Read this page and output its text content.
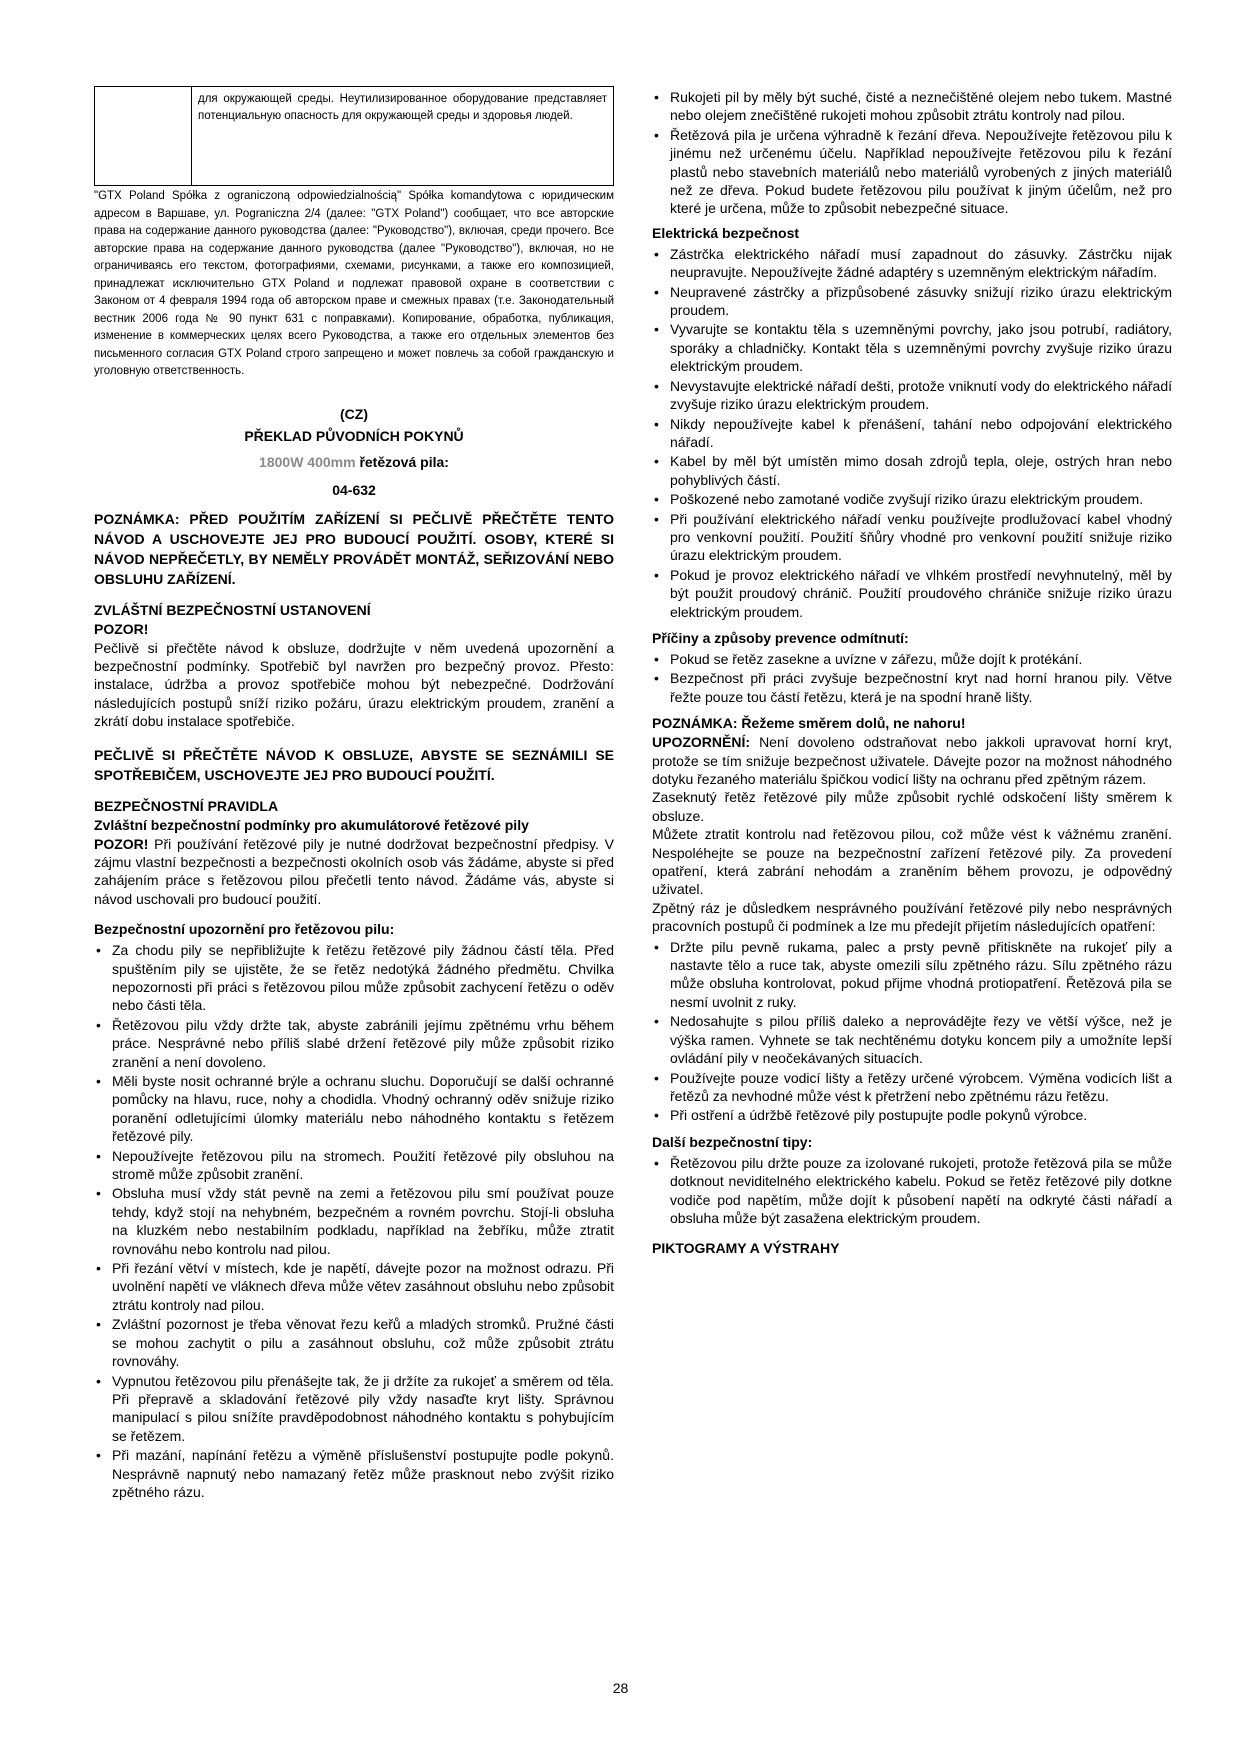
для окружающей среды. Неутилизированное оборудование представляет потенциальную опасность для окружающей среды и здоровья людей.

"GTX Poland Spółka z ograniczoną odpowiedzialnością" Spółka komandytowa с юридическим адресом в Варшаве, ул. Pograniczna 2/4 (далее: "GTX Poland") сообщает, что все авторские права на содержание данного руководства (далее: "Руководство"), включая, среди прочего. Все авторские права на содержание данного руководства (далее "Руководство"), включая, но не ограничиваясь его текстом, фотографиями, схемами, рисунками, а также его композицией, принадлежат исключительно GTX Poland и подлежат правовой охране в соответствии с Законом от 4 февраля 1994 года об авторском праве и смежных правах (т.е. Законодательный вестник 2006 года № 90 пункт 631 с поправками). Копирование, обработка, публикация, изменение в коммерческих целях всего Руководства, а также его отдельных элементов без письменного согласия GTX Poland строго запрещено и может повлечь за собой гражданскую и уголовную ответственность.

(CZ)

PŘEKLAD PŮVODNÍCH POKYNŮ

1800W 400mm řetězová pila:

04-632

POZNÁMKA: PŘED POUŽITÍM ZAŘÍZENÍ SI PEČLIVĚ PŘEČTĚTE TENTO NÁVOD A USCHOVEJTE JEJ PRO BUDOUCÍ POUŽITÍ. OSOBY, KTERÉ SI NÁVOD NEPŘEČETLY, BY NEMĚLY PROVÁDĚT MONTÁŽ, SEŘIZOVÁNÍ NEBO OBSLUHU ZAŘÍZENÍ.

ZVLÁŠTNÍ BEZPEČNOSTNÍ USTANOVENÍ
POZOR!

Pečlivě si přečtěte návod k obsluze, dodržujte v něm uvedená upozornění a bezpečnostní podmínky. Spotřebič byl navržen pro bezpečný provoz. Přesto: instalace, údržba a provoz spotřebiče mohou být nebezpečné. Dodržování následujících postupů sníží riziko požáru, úrazu elektrickým proudem, zranění a zkrátí dobu instalace spotřebiče.

PEČLIVĚ SI PŘEČTĚTE NÁVOD K OBSLUZE, ABYSTE SE SEZNÁMILI SE SPOTŘEBIČEM, USCHOVEJTE JEJ PRO BUDOUCÍ POUŽITÍ.

BEZPEČNOSTNÍ PRAVIDLA
Zvláštní bezpečnostní podmínky pro akumulátorové řetězové pily

POZOR! Při používání řetězové pily je nutné dodržovat bezpečnostní předpisy. V zájmu vlastní bezpečnosti a bezpečnosti okolních osob vás žádáme, abyste si před zahájením práce s řetězovou pilou přečetli tento návod. Žádáme vás, abyste si návod uschovali pro budoucí použití.

Bezpečnostní upozornění pro řetězovou pilu:
• Za chodu pily se nepřibližujte k řetězu řetězové pily žádnou částí těla. Před spuštěním pily se ujistěte, že se řetěz nedotýká žádného předmětu. Chvilka nepozornosti při práci s řetězovou pilou může způsobit zachycení řetězu o oděv nebo části těla.
• Řetězovou pilu vždy držte tak, abyste zabránili jejímu zpětnému vrhu během práce. Nesprávné nebo příliš slabé držení řetězové pily může způsobit riziko zranění a není dovoleno.
• Měli byste nosit ochranné brýle a ochranu sluchu. Doporučují se další ochranné pomůcky na hlavu, ruce, nohy a chodidla. Vhodný ochranný oděv snižuje riziko poranění odletujícími úlomky materiálu nebo náhodného kontaktu s řetězem řetězové pily.
• Nepoužívejte řetězovou pilu na stromech. Použití řetězové pily obsluhou na stromě může způsobit zranění.
• Obsluha musí vždy stát pevně na zemi a řetězovou pilu smí používat pouze tehdy, když stojí na nehybném, bezpečném a rovném povrchu. Stojí-li obsluha na kluzkém nebo nestabilním podkladu, například na žebříku, může ztratit rovnováhu nebo kontrolu nad pilou.
• Při řezání větví v místech, kde je napětí, dávejte pozor na možnost odrazu. Při uvolnění napětí ve vláknech dřeva může větev zasáhnout obsluhu nebo způsobit ztrátu kontroly nad pilou.
• Zvláštní pozornost je třeba věnovat řezu keřů a mladých stromků. Pružné části se mohou zachytit o pilu a zasáhnout obsluhu, což může způsobit ztrátu rovnováhy.
• Vypnutou řetězovou pilu přenášejte tak, že ji držíte za rukojeť a směrem od těla. Při přepravě a skladování řetězové pily vždy nasaďte kryt lišty. Správnou manipulací s pilou snížíte pravděpodobnost náhodného kontaktu s pohybujícím se řetězem.
• Při mazání, napínání řetězu a výměně příslušenství postupujte podle pokynů. Nesprávně napnutý nebo namazaný řetěz může prasknout nebo zvýšit riziko zpětného rázu.
• Rukojeti pil by měly být suché, čisté a neznečištěné olejem nebo tukem. Mastné nebo olejem znečištěné rukojeti mohou způsobit ztrátu kontroly nad pilou.
• Řetězová pila je určena výhradně k řezání dřeva. Nepoužívejte řetězovou pilu k jinému než určenému účelu. Například nepoužívejte řetězovou pilu k řezání plastů nebo stavebních materiálů nebo materiálů vyrobených z jiných materiálů než ze dřeva. Pokud budete řetězovou pilu používat k jiným účelům, než pro které je určena, může to způsobit nebezpečné situace.
Elektrická bezpečnost
• Zástrčka elektrického nářadí musí zapadnout do zásuvky. Zástrčku nijak neupravujte. Nepoužívejte žádné adaptéry s uzemněným elektrickým nářadím.
• Neupravené zástrčky a přizpůsobené zásuvky snižují riziko úrazu elektrickým proudem.
• Vyvarujte se kontaktu těla s uzemněnými povrchy, jako jsou potrubí, radiátory, sporáky a chladničky. Kontakt těla s uzemněnými povrchy zvyšuje riziko úrazu elektrickým proudem.
• Nevystavujte elektrické nářadí dešti, protože vniknutí vody do elektrického nářadí zvyšuje riziko úrazu elektrickým proudem.
• Nikdy nepoužívejte kabel k přenášení, tahání nebo odpojování elektrického nářadí.
• Kabel by měl být umístěn mimo dosah zdrojů tepla, oleje, ostrých hran nebo pohyblivých částí.
• Poškozené nebo zamotané vodiče zvyšují riziko úrazu elektrickým proudem.
• Při používání elektrického nářadí venku používejte prodlužovací kabel vhodný pro venkovní použití. Použití šňůry vhodné pro venkovní použití snižuje riziko úrazu elektrickým proudem.
• Pokud je provoz elektrického nářadí ve vlhkém prostředí nevyhnutelný, měl by být použit proudový chránič. Použití proudového chrániče snižuje riziko úrazu elektrickým proudem.
Příčiny a způsoby prevence odmítnutí:
• Pokud se řetěz zasekne a uvízne v zářezu, může dojít k protékání.
• Bezpečnost při práci zvyšuje bezpečnostní kryt nad horní hranou pily. Větve řežte pouze tou částí řetězu, která je na spodní hraně lišty.
POZNÁMKA: Řežeme směrem dolů, ne nahoru!

UPOZORNĚNÍ: Není dovoleno odstraňovat nebo jakkoli upravovat horní kryt, protože se tím snižuje bezpečnost uživatele. Dávejte pozor na možnost náhodného dotyku řezaného materiálu špičkou vodicí lišty na ochranu před zpětným rázem.

Zaseknutý řetěz řetězové pily může způsobit rychlé odskočení lišty směrem k obsluze.

Můžete ztratit kontrolu nad řetězovou pilou, což může vést k vážnému zranění. Nespoléhejte se pouze na bezpečnostní zařízení řetězové pily. Za provedení opatření, která zabrání nehodám a zraněním během provozu, je odpovědný uživatel.

Zpětný ráz je důsledkem nesprávného používání řetězové pily nebo nesprávných pracovních postupů či podmínek a lze mu předejít přijetím následujících opatření:

• Držte pilu pevně rukama, palec a prsty pevně přitiskněte na rukojeť pily a nastavte tělo a ruce tak, abyste omezili sílu zpětného rázu. Sílu zpětného rázu může obsluha kontrolovat, pokud přijme vhodná protiopatření. Řetězová pila se nesmí uvolnit z ruky.
• Nedosahujte s pilou příliš daleko a neprovádějte řezy ve větší výšce, než je výška ramen. Vyhnete se tak nechtěnému dotyku koncem pily a umožníte lepší ovládání pily v neočekávaných situacích.
• Používejte pouze vodicí lišty a řetězy určené výrobcem. Výměna vodicích lišt a řetězů za nevhodné může vést k přetržení nebo zpětnému rázu řetězu.
• Při ostření a údržbě řetězové pily postupujte podle pokynů výrobce.
Další bezpečnostní tipy:
• Řetězovou pilu držte pouze za izolované rukojeti, protože řetězová pila se může dotknout neviditelného elektrického kabelu. Pokud se řetěz řetězové pily dotkne vodiče pod napětím, může dojít k působení napětí na odkryté části nářadí a obsluha může být zasažena elektrickým proudem.
PIKTOGRAMY A VÝSTRAHY
28
